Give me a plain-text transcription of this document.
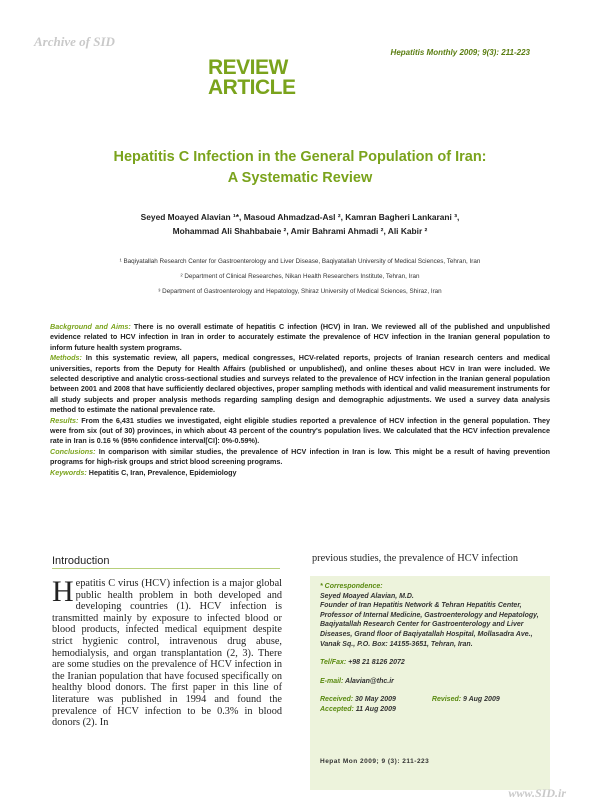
Archive of SID
Hepatitis Monthly 2009; 9(3): 211-223
REVIEW
ARTICLE
Hepatitis C Infection in the General Population of Iran:
A Systematic Review
Seyed Moayed Alavian ¹*, Masoud Ahmadzad-Asl ², Kamran Bagheri Lankarani ³,
Mohammad Ali Shahbabaie ², Amir Bahrami Ahmadi ², Ali Kabir ²
¹ Baqiyatallah Research Center for Gastroenterology and Liver Disease, Baqiyatallah University of Medical Sciences, Tehran, Iran
² Department of Clinical Researches, Nikan Health Researchers Institute, Tehran, Iran
³ Department of Gastroenterology and Hepatology, Shiraz University of Medical Sciences, Shiraz, Iran

Background and Aims: There is no overall estimate of hepatitis C infection (HCV) in Iran. We reviewed all of the published and unpublished evidence related to HCV infection in Iran in order to accurately estimate the prevalence of HCV infection in the Iranian general population to inform future health system programs.

Methods: In this systematic review, all papers, medical congresses, HCV-related reports, projects of Iranian research centers and medical universities, reports from the Deputy for Health Affairs (published or unpublished), and online theses about HCV in Iran were included. We selected descriptive and analytic cross-sectional studies and surveys related to the prevalence of HCV infection in the Iranian general population between 2001 and 2008 that have sufficiently declared objectives, proper sampling methods with identical and valid measurement instruments for all study subjects and proper analysis methods regarding sampling design and demographic adjustments. We used a survey data analysis method to estimate the national prevalence rate.

Results: From the 6,431 studies we investigated, eight eligible studies reported a prevalence of HCV infection in the general population. They were from six (out of 30) provinces, in which about 43 percent of the country's population lives. We calculated that the HCV infection prevalence rate in Iran is 0.16 % (95% confidence interval[CI]: 0%-0.59%).

Conclusions: In comparison with similar studies, the prevalence of HCV infection in Iran is low. This might be a result of having prevention programs for high-risk groups and strict blood screening programs.

Keywords: Hepatitis C, Iran, Prevalence, Epidemiology

Introduction
Hepatitis C virus (HCV) infection is a major global public health problem in both developed and developing countries (1). HCV infection is transmitted mainly by exposure to infected blood or blood products, infected medical equipment despite strict hygienic control, intravenous drug abuse, hemodialysis, and organ transplantation (2, 3). There are some studies on the prevalence of HCV infection in the Iranian population that have focused specifically on healthy blood donors. The first paper in this line of literature was published in 1994 and found the prevalence of HCV infection to be 0.3% in blood donors (2). In
previous studies, the prevalence of HCV infection

* Correspondence:

Seyed Moayed Alavian, M.D.

Founder of Iran Hepatitis Network & Tehran Hepatitis Center, Professor of Internal Medicine, Gastroenterology and Hepatology, Baqiyatallah Research Center for Gastroenterology and Liver Diseases, Grand floor of Baqiyatallah Hospital, Mollasadra Ave., Vanak Sq., P.O. Box: 14155-3651, Tehran, Iran.

Tel/Fax: +98 21 8126 2072

E-mail: Alavian@thc.ir

Received: 30 May 2009	Revised: 9 Aug 2009

Accepted: 11 Aug 2009

Hepat Mon 2009; 9 (3): 211-223
www.SID.ir
